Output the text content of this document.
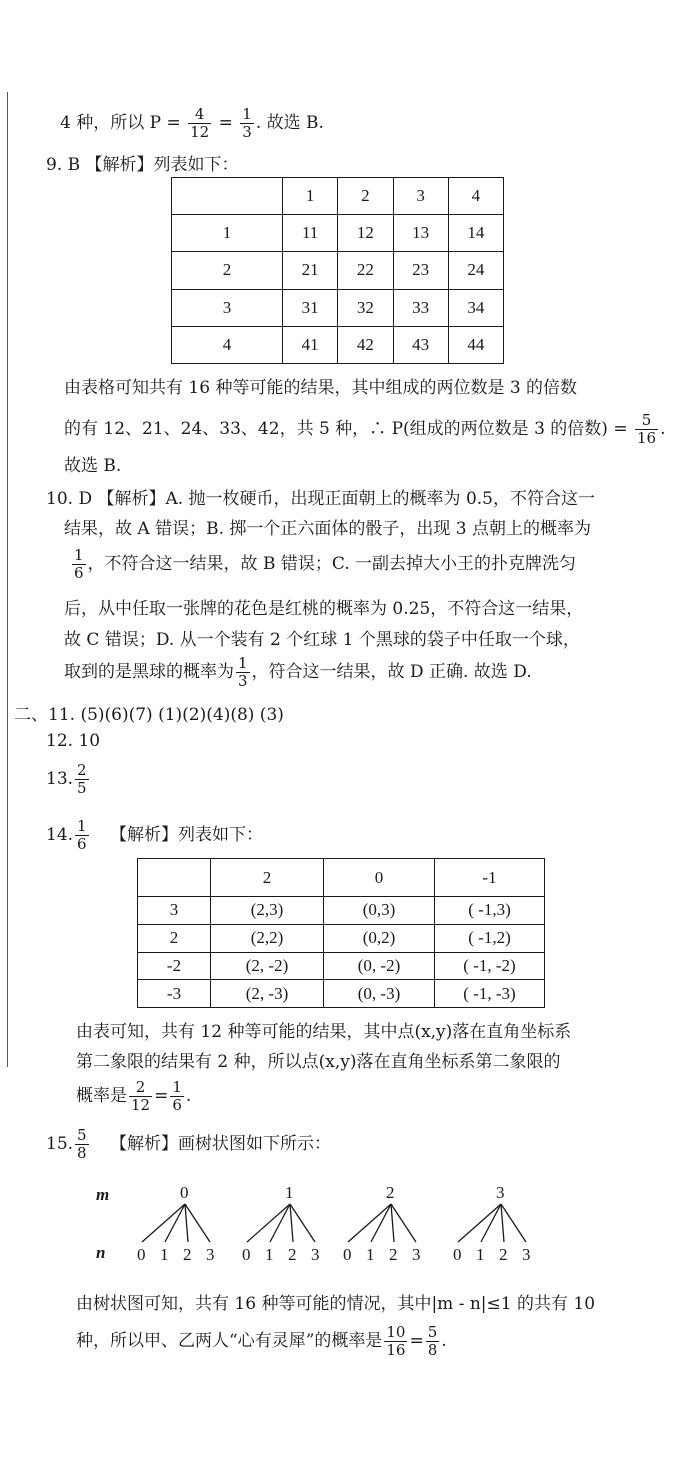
4 种，所以 $P = \frac{4}{12} = \frac{1}{3}$ . 故选 B.
9. B 【解析】列表如下：
	1	2	3	4
1	11	12	13	14
2	21	22	23	24
3	31	32	33	34
4	41	42	43	44
由表格可知共有 16 种等可能的结果，其中组成的两位数是 3 的倍数
的有 12、21、24、33、42，共 5 种，∴ P(组成的两位数是 3 的倍数) = $\frac{5}{16}$ .
故选 B.
10. D 【解析】A. 抛一枚硬币，出现正面朝上的概率为 0.5，不符合这一
结果，故 A 错误；B. 掷一个正六面体的骰子，出现 3 点朝上的概率为
$\frac{1}{6}$ ，不符合这一结果，故 B 错误；C. 一副去掉大小王的扑克牌洗匀
后，从中任取一张牌的花色是红桃的概率为 0.25，不符合这一结果，
故 C 错误；D. 从一个装有 2 个红球 1 个黑球的袋子中任取一个球，
取到的是黑球的概率为 $\frac{1}{3}$ ，符合这一结果，故 D 正确. 故选 D.
二、11. (5)(6)(7) (1)(2)(4)(8) (3)
12. 10
13. $\frac{2}{5}$
14. $\frac{1}{6}$ 【解析】列表如下：
	2	0	-1
3	(2,3)	(0,3)	( -1,3)
2	(2,2)	(0,2)	( -1,2)
-2	(2, -2)	(0, -2)	( -1, -2)
-3	(2, -3)	(0, -3)	( -1, -3)
由表可知，共有 12 种等可能的结果，其中点(x,y)落在直角坐标系
第二象限的结果有 2 种，所以点(x,y)落在直角坐标系第二象限的
概率是 $\frac{2}{12} = \frac{1}{6}$ .
15. $\frac{5}{8}$ 【解析】画树状图如下所示：
m
n
0
0 1 2 3
1
0 1 2 3
2
0 1 2 3
3
0 1 2 3
由树状图可知，共有 16 种等可能的情况，其中|m - n|≤1 的共有 10
种，所以甲、乙两人“心有灵犀”的概率是 $\frac{10}{16} = \frac{5}{8}$ .
